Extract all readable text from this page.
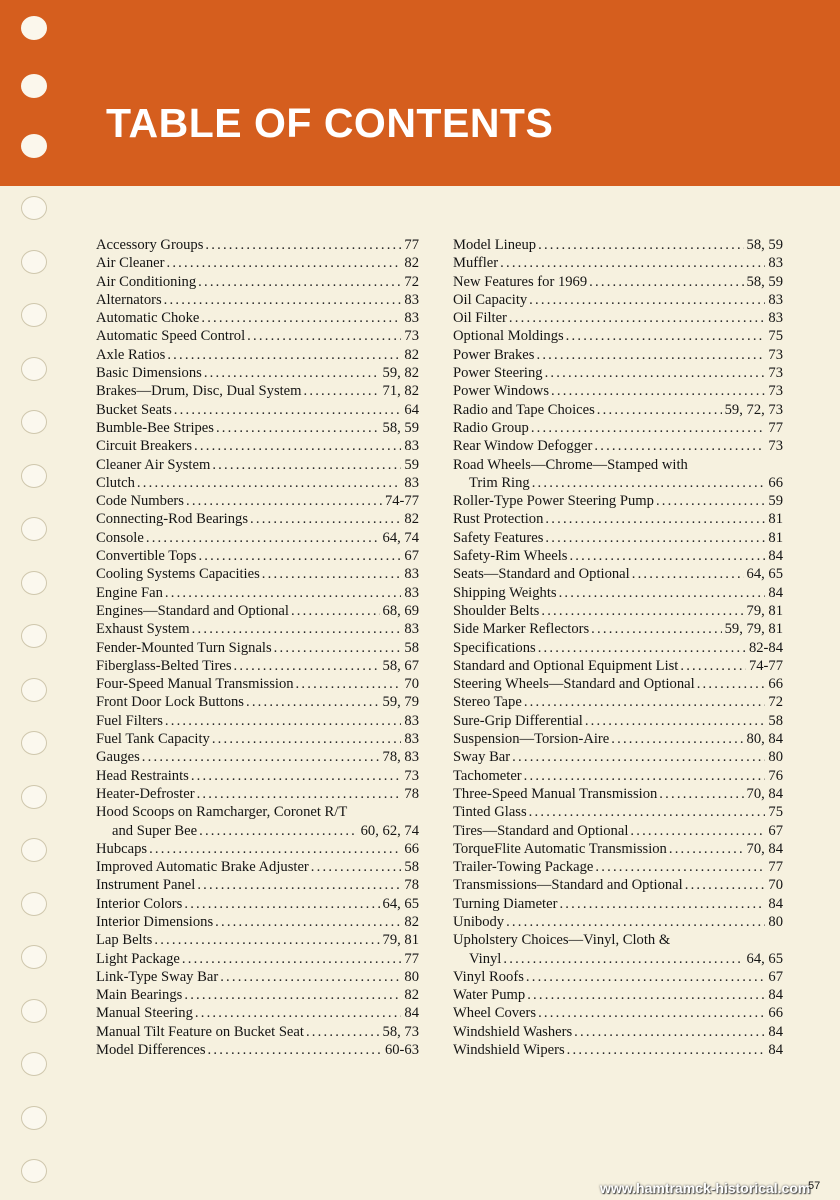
TABLE OF CONTENTS
Accessory Groups .....	77
Air Cleaner .....	82
Air Conditioning .....	72
Alternators .....	83
Automatic Choke .....	83
Automatic Speed Control .....	73
Axle Ratios .....	82
Basic Dimensions .....	59, 82
Brakes—Drum, Disc, Dual System .....	71, 82
Bucket Seats .....	64
Bumble-Bee Stripes .....	58, 59
Circuit Breakers .....	83
Cleaner Air System .....	59
Clutch .....	83
Code Numbers .....	74-77
Connecting-Rod Bearings .....	82
Console .....	64, 74
Convertible Tops .....	67
Cooling Systems Capacities .....	83
Engine Fan .....	83
Engines—Standard and Optional .....	68, 69
Exhaust System .....	83
Fender-Mounted Turn Signals .....	58
Fiberglass-Belted Tires .....	58, 67
Four-Speed Manual Transmission .....	70
Front Door Lock Buttons .....	59, 79
Fuel Filters .....	83
Fuel Tank Capacity .....	83
Gauges .....	78, 83
Head Restraints .....	73
Heater-Defroster .....	78
Hood Scoops on Ramcharger, Coronet R/T
and Super Bee .....	60, 62, 74
Hubcaps .....	66
Improved Automatic Brake Adjuster .....	58
Instrument Panel .....	78
Interior Colors .....	64, 65
Interior Dimensions .....	82
Lap Belts .....	79, 81
Light Package .....	77
Link-Type Sway Bar .....	80
Main Bearings .....	82
Manual Steering .....	84
Manual Tilt Feature on Bucket Seat .....	58, 73
Model Differences .....	60-63
Model Lineup .....	58, 59
Muffler .....	83
New Features for 1969 .....	58, 59
Oil Capacity .....	83
Oil Filter .....	83
Optional Moldings .....	75
Power Brakes .....	73
Power Steering .....	73
Power Windows .....	73
Radio and Tape Choices .....	59, 72, 73
Radio Group .....	77
Rear Window Defogger .....	73
Road Wheels—Chrome—Stamped with
Trim Ring .....	66
Roller-Type Power Steering Pump .....	59
Rust Protection .....	81
Safety Features .....	81
Safety-Rim Wheels .....	84
Seats—Standard and Optional .....	64, 65
Shipping Weights .....	84
Shoulder Belts .....	79, 81
Side Marker Reflectors .....	59, 79, 81
Specifications .....	82-84
Standard and Optional Equipment List .....	74-77
Steering Wheels—Standard and Optional .....	66
Stereo Tape .....	72
Sure-Grip Differential .....	58
Suspension—Torsion-Aire .....	80, 84
Sway Bar .....	80
Tachometer .....	76
Three-Speed Manual Transmission .....	70, 84
Tinted Glass .....	75
Tires—Standard and Optional .....	67
TorqueFlite Automatic Transmission .....	70, 84
Trailer-Towing Package .....	77
Transmissions—Standard and Optional .....	70
Turning Diameter .....	84
Unibody .....	80
Upholstery Choices—Vinyl, Cloth &
Vinyl .....	64, 65
Vinyl Roofs .....	67
Water Pump .....	84
Wheel Covers .....	66
Windshield Washers .....	84
Windshield Wipers .....	84
www.hamtramck-historical.com
57
